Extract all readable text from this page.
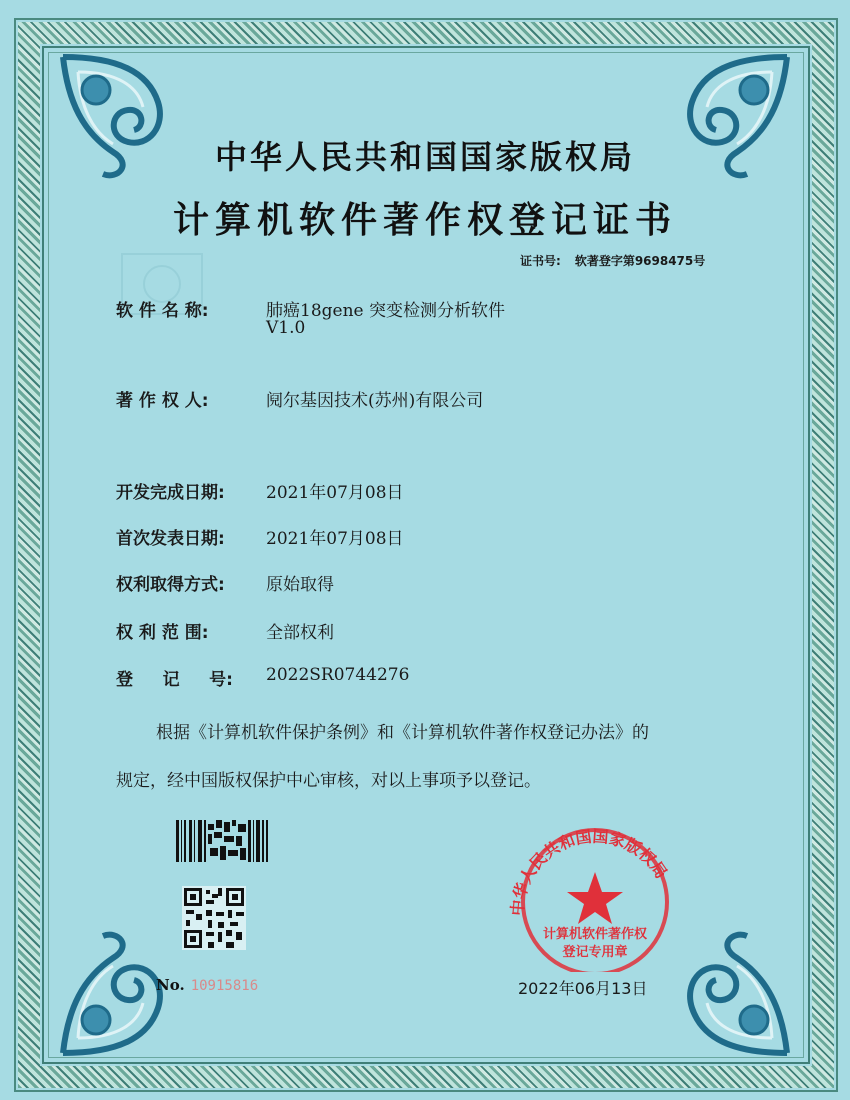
中华人民共和国国家版权局
计算机软件著作权登记证书
证书号: 软著登字第9698475号
软 件 名 称:	肺癌18gene 突变检测分析软件
V1.0
著 作 权 人:	阋尔基因技术(苏州)有限公司
开发完成日期: 2021年07月08日
首次发表日期: 2021年07月08日
权利取得方式: 原始取得
权 利 范 围:	全部权利
登     记     号: 2022SR0744276
根据《计算机软件保护条例》和《计算机软件著作权登记办法》的
规定，经中国版权保护中心审核，对以上事项予以登记。
No. 10915816
中华人民共和国国家版权局
计算机软件著作权
登记专用章
2022年06月13日
